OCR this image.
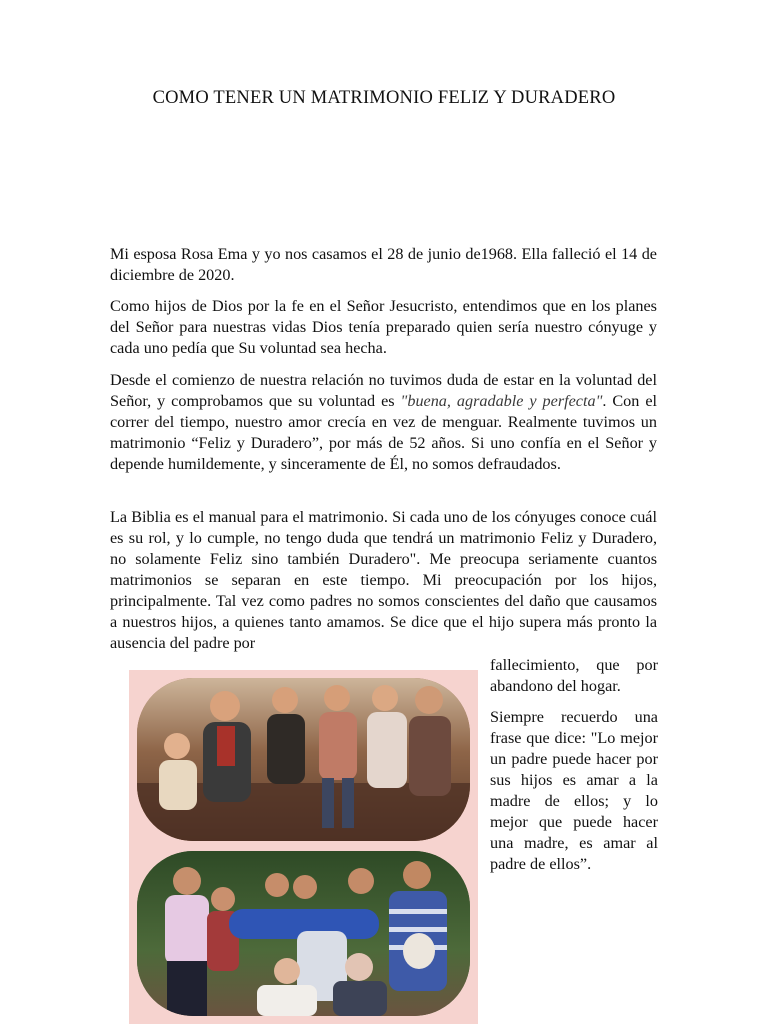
COMO TENER UN MATRIMONIO FELIZ Y DURADERO

Mi esposa Rosa Ema y yo nos casamos el 28 de junio de1968. Ella falleció el 14 de diciembre de 2020.

Como hijos de Dios por la fe en el Señor Jesucristo, entendimos que en los planes del Señor para nuestras vidas Dios tenía preparado quien sería nuestro cónyuge y cada uno pedía que Su voluntad sea hecha.

Desde el comienzo de nuestra relación no tuvimos duda de estar en la voluntad del Señor, y comprobamos que su voluntad es "buena, agradable y perfecta". Con el correr del tiempo, nuestro amor crecía en vez de menguar. Realmente tuvimos un matrimonio “Feliz y Duradero”, por más de 52 años. Si uno confía en el Señor y depende humildemente, y sinceramente de Él, no somos defraudados.

La Biblia es el manual para el matrimonio. Si cada uno de los cónyuges conoce cuál es su rol, y lo cumple, no tengo duda que tendrá un matrimonio Feliz y Duradero, no solamente Feliz sino también Duradero". Me preocupa seriamente cuantos matrimonios se separan en este tiempo. Mi preocupación por los hijos, principalmente. Tal vez como padres no somos conscientes del daño que causamos a nuestros hijos, a quienes tanto amamos. Se dice que el hijo supera más pronto la ausencia del padre por

fallecimiento, que por abandono del hogar.

Siempre recuerdo una frase que dice: "Lo mejor un padre puede hacer por sus hijos es amar a la madre de ellos; y lo mejor que puede hacer una madre, es amar al padre de ellos”.
